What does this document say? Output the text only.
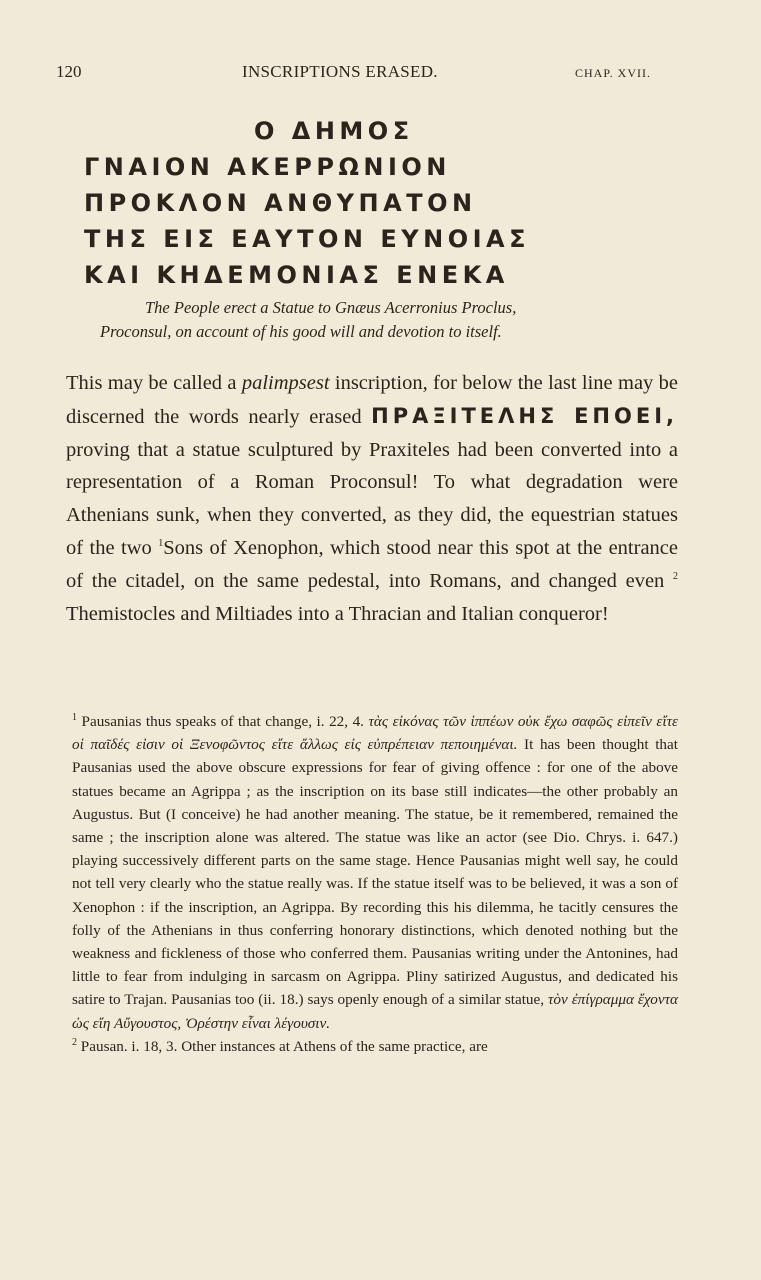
120	INSCRIPTIONS ERASED.	CHAP. XVII.
Ο ΔΗΜΟΣ
ΓΝΑΙΟΝ ΑΚΕΡΡΩΝΙΟΝ
ΠΡΟΚΛΟΝ ΑΝΘΥΠΑΤΟΝ
ΤΗΣ ΕΙΣ ΕΑΥΤΟΝ ΕΥΝΟΙΑΣ
ΚΑΙ ΚΗΔΕΜΟΝΙΑΣ ΕΝΕΚΑ
The People erect a Statue to Gnæus Acerronius Proclus,
Proconsul, on account of his good will and devotion to itself.

This may be called a palimpsest inscription, for below the last line may be discerned the words nearly erased ΠΡΑΞΙΤΕΛΗΣ ΕΠΟΕΙ, proving that a statue sculptured by Praxiteles had been converted into a representation of a Roman Proconsul! To what degradation were Athenians sunk, when they converted, as they did, the equestrian statues of the two $^1$Sons of Xenophon, which stood near this spot at the entrance of the citadel, on the same pedestal, into Romans, and changed even $^2$ Themistocles and Miltiades into a Thracian and Italian conqueror!

$^1$ Pausanias thus speaks of that change, i. 22, 4. τὰς εἰκόνας τῶν ἱππέων οὐκ ἔχω σαφῶς εἰπεῖν εἴτε οἱ παῖδές εἰσιν οἱ Ξενοφῶντος εἴτε ἄλλως εἰς εὐπρέπειαν πεποιημέναι. It has been thought that Pausanias used the above obscure expressions for fear of giving offence : for one of the above statues became an Agrippa ; as the inscription on its base still indicates—the other probably an Augustus. But (I conceive) he had another meaning. The statue, be it remembered, remained the same ; the inscription alone was altered. The statue was like an actor (see Dio. Chrys. i. 647.) playing successively different parts on the same stage. Hence Pausanias might well say, he could not tell very clearly who the statue really was. If the statue itself was to be believed, it was a son of Xenophon : if the inscription, an Agrippa. By recording this his dilemma, he tacitly censures the folly of the Athenians in thus conferring honorary distinctions, which denoted nothing but the weakness and fickleness of those who conferred them. Pausanias writing under the Antonines, had little to fear from indulging in sarcasm on Agrippa. Pliny satirized Augustus, and dedicated his satire to Trajan. Pausanias too (ii. 18.) says openly enough of a similar statue, τὸν ἐπίγραμμα ἔχοντα ὡς εἴη Αὔγουστος, Ὀρέστην εἶναι λέγουσιν.

$^2$ Pausan. i. 18, 3. Other instances at Athens of the same practice, are
